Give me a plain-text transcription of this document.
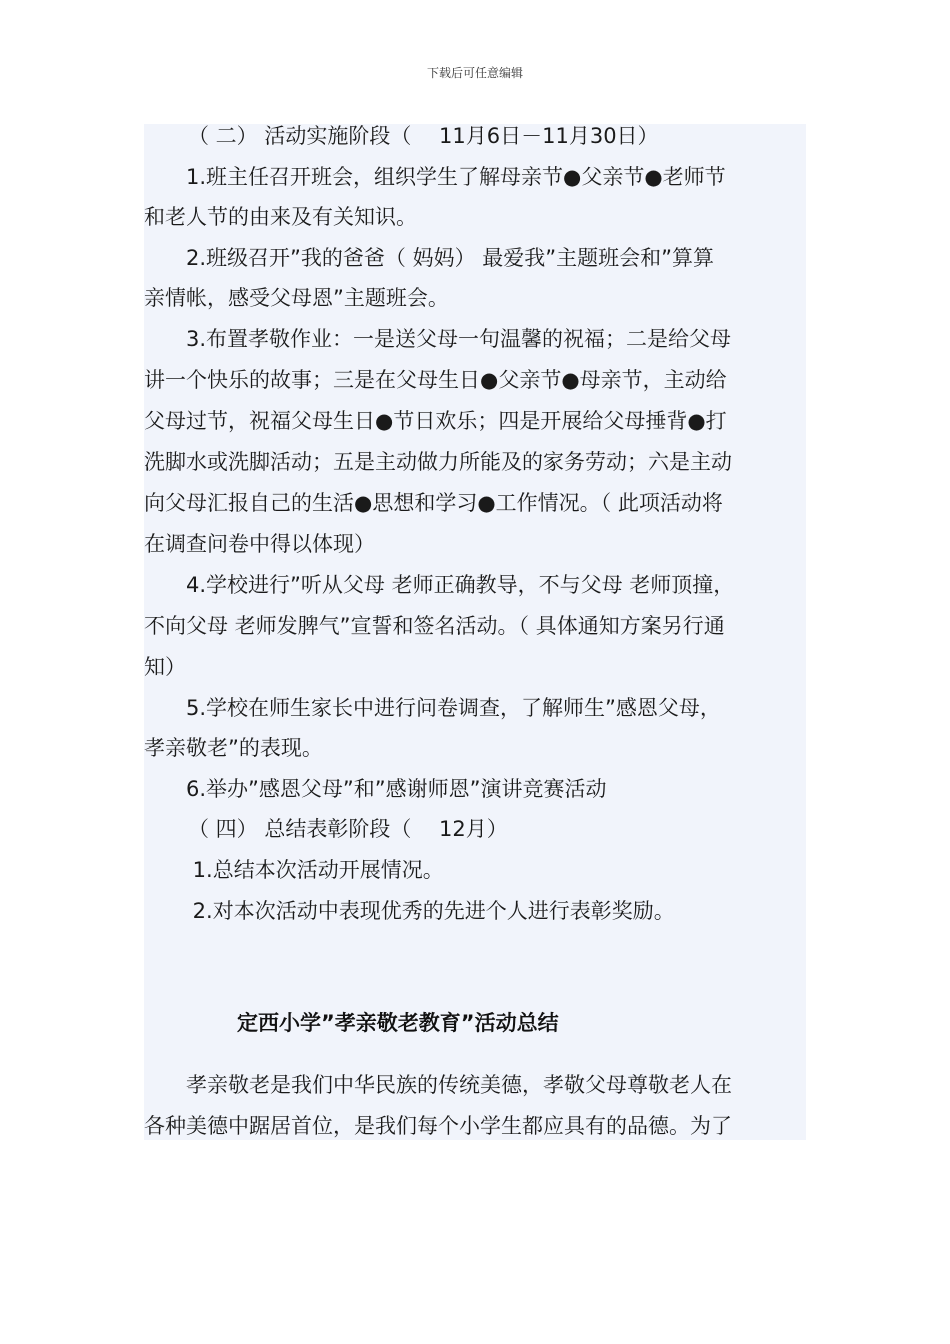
下载后可任意编辑
（ 二） 活动实施阶段（　 11月6日－11月30日）
　　1.班主任召开班会，组织学生了解母亲节●父亲节●老师节
和老人节的由来及有关知识。
　　2.班级召开”我的爸爸（ 妈妈） 最爱我”主题班会和”算算
亲情帐，感受父母恩”主题班会。
　　3.布置孝敬作业：一是送父母一句温馨的祝福；二是给父母
讲一个快乐的故事；三是在父母生日●父亲节●母亲节，主动给
父母过节，祝福父母生日●节日欢乐；四是开展给父母捶背●打
洗脚水或洗脚活动；五是主动做力所能及的家务劳动；六是主动
向父母汇报自己的生活●思想和学习●工作情况。（ 此项活动将
在调查问卷中得以体现）
　　4.学校进行”听从父母 老师正确教导，不与父母 老师顶撞，
不向父母 老师发脾气”宣誓和签名活动。（ 具体通知方案另行通
知）
　　5.学校在师生家长中进行问卷调查，了解师生”感恩父母，
孝亲敬老”的表现。
　　6.举办”感恩父母”和”感谢师恩”演讲竞赛活动
（ 四） 总结表彰阶段（　 12月）
　　 1.总结本次活动开展情况。
　　 2.对本次活动中表现优秀的先进个人进行表彰奖励。
定西小学”孝亲敬老教育”活动总结
　　孝亲敬老是我们中华民族的传统美德，孝敬父母尊敬老人在
各种美德中踞居首位，是我们每个小学生都应具有的品德。为了
